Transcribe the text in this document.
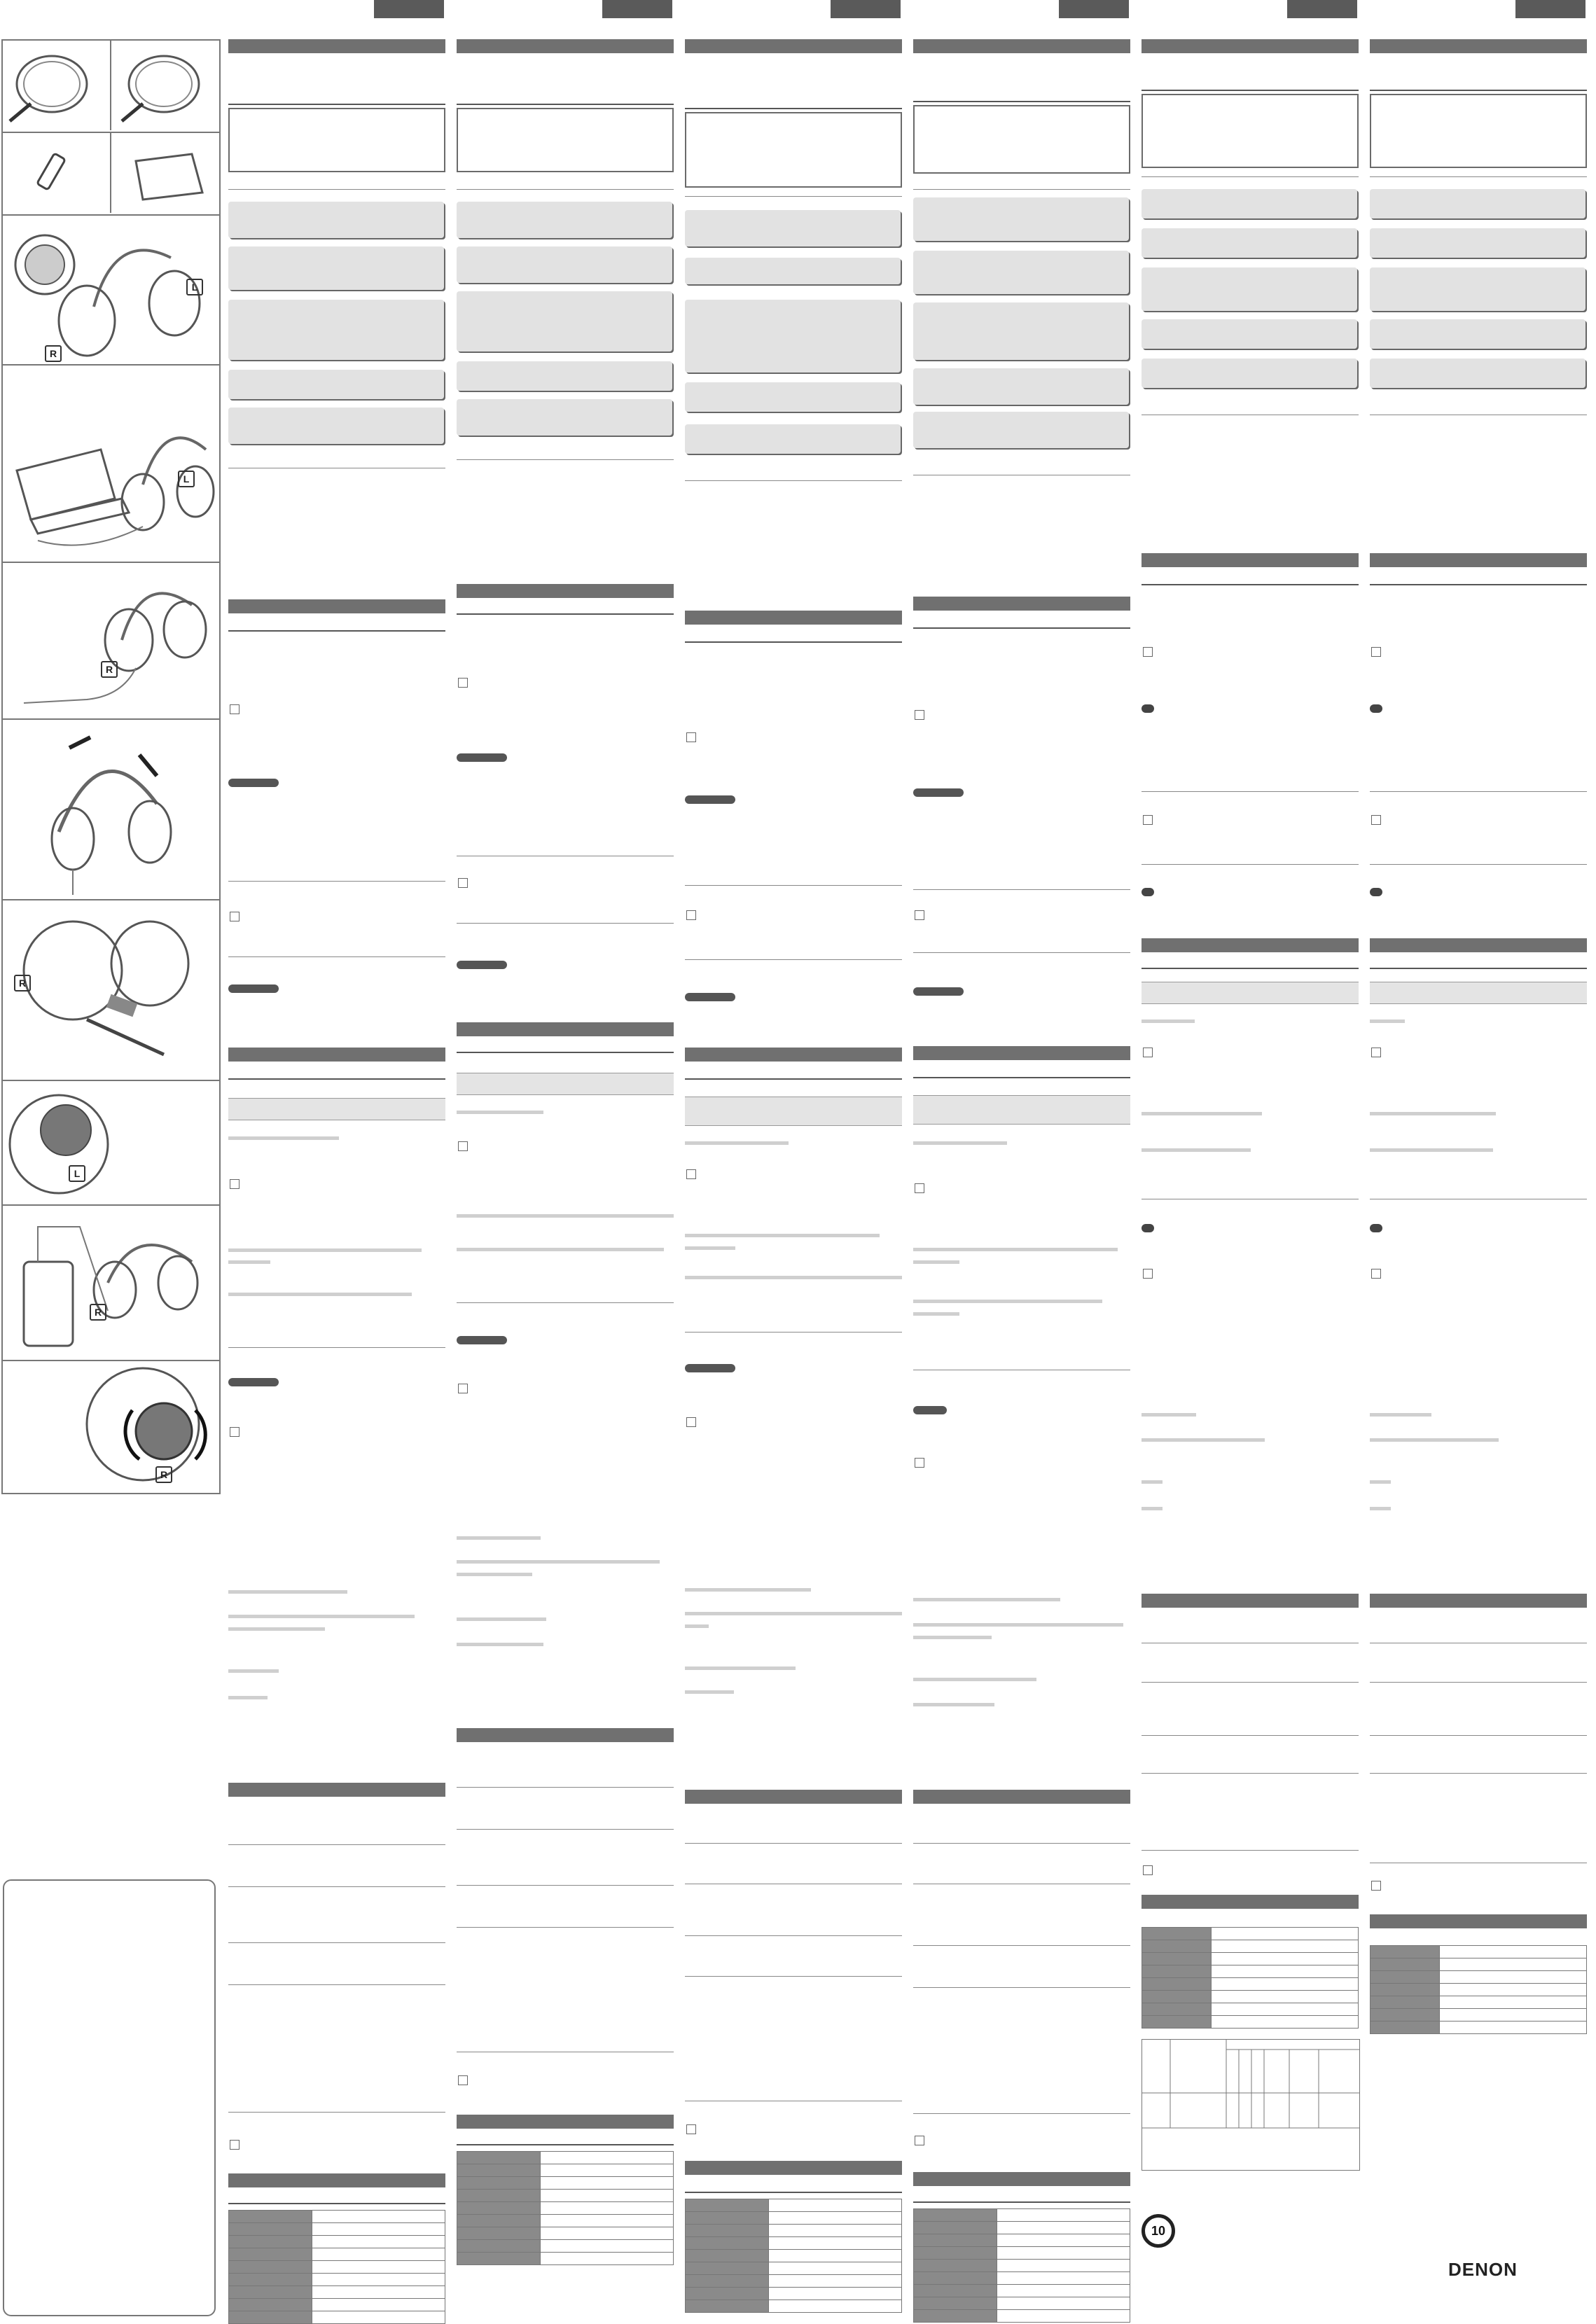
L
R
L
R
R
L
R
R

10

DENON
